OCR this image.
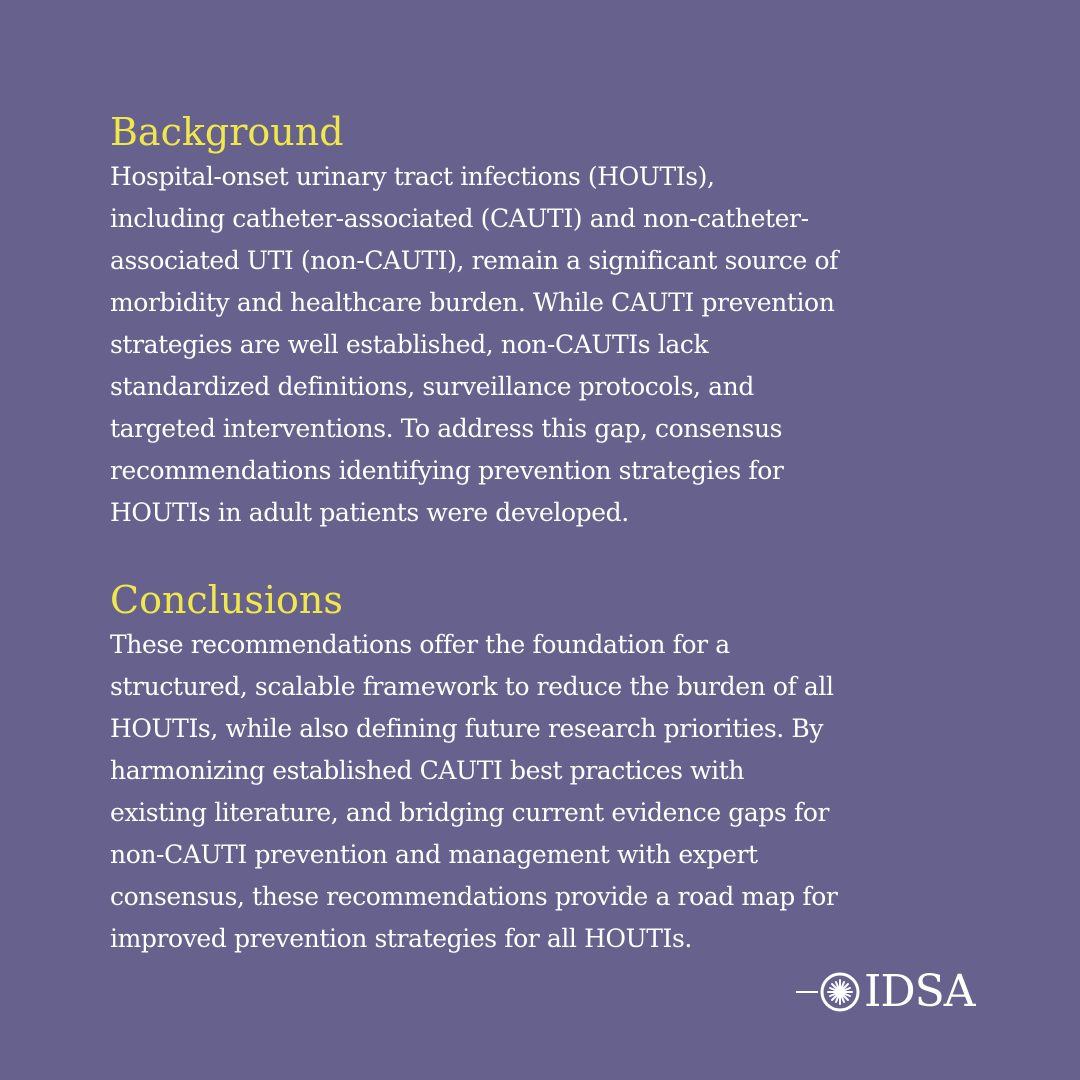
Background
Hospital-onset urinary tract infections (HOUTIs),
including catheter-associated (CAUTI) and non-catheter-
associated UTI (non-CAUTI), remain a significant source of
morbidity and healthcare burden. While CAUTI prevention
strategies are well established, non-CAUTIs lack
standardized definitions, surveillance protocols, and
targeted interventions. To address this gap, consensus
recommendations identifying prevention strategies for
HOUTIs in adult patients were developed.
Conclusions
These recommendations offer the foundation for a
structured, scalable framework to reduce the burden of all
HOUTIs, while also defining future research priorities. By
harmonizing established CAUTI best practices with
existing literature, and bridging current evidence gaps for
non-CAUTI prevention and management with expert
consensus, these recommendations provide a road map for
improved prevention strategies for all HOUTIs.
IDSA
